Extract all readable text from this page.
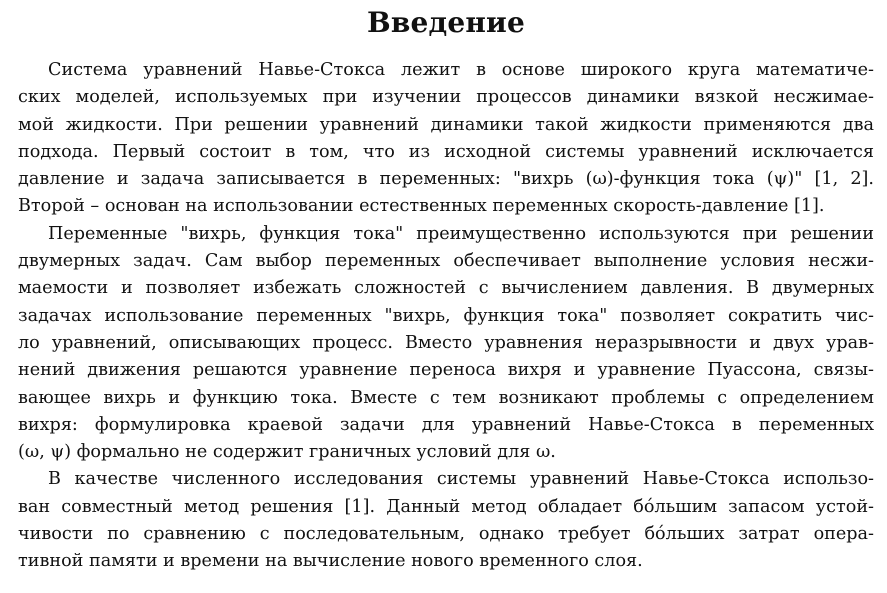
Введение

Система уравнений Навье-Стокса лежит в основе широкого круга математиче-
ских моделей, используемых при изучении процессов динамики вязкой несжимае-
мой жидкости. При решении уравнений динамики такой жидкости применяются два
подхода. Первый состоит в том, что из исходной системы уравнений исключается
давление и задача записывается в переменных: "вихрь (ω)-функция тока (ψ)" [1, 2].
Второй – основан на использовании естественных переменных скорость-давление [1].

Переменные "вихрь, функция тока" преимущественно используются при решении
двумерных задач. Сам выбор переменных обеспечивает выполнение условия несжи-
маемости и позволяет избежать сложностей с вычислением давления. В двумерных
задачах использование переменных "вихрь, функция тока" позволяет сократить чис-
ло уравнений, описывающих процесс. Вместо уравнения неразрывности и двух урав-
нений движения решаются уравнение переноса вихря и уравнение Пуассона, связы-
вающее вихрь и функцию тока. Вместе с тем возникают проблемы с определением
вихря: формулировка краевой задачи для уравнений Навье-Стокса в переменных
(ω, ψ) формально не содержит граничных условий для ω.

В качестве численного исследования системы уравнений Навье-Стокса использо-
ван совместный метод решения [1]. Данный метод обладает бóльшим запасом устой-
чивости по сравнению с последовательным, однако требует бóльших затрат опера-
тивной памяти и времени на вычисление нового временного слоя.
